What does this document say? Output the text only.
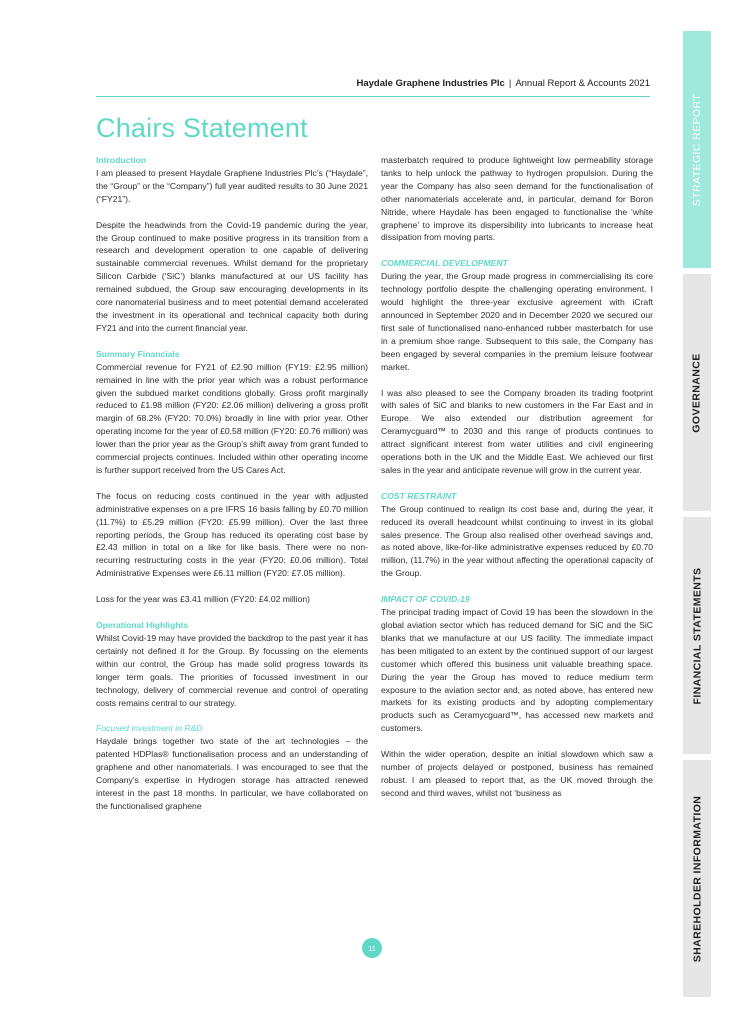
Haydale Graphene Industries Plc | Annual Report & Accounts 2021
Chairs Statement
Introduction

I am pleased to present Haydale Graphene Industries Plc’s (“Haydale”, the “Group” or the “Company”) full year audited results to 30 June 2021 (“FY21”).

Despite the headwinds from the Covid-19 pandemic during the year, the Group continued to make positive progress in its transition from a research and development operation to one capable of delivering sustainable commercial revenues. Whilst demand for the proprietary Silicon Carbide (‘SiC’) blanks manufactured at our US facility has remained subdued, the Group saw encouraging developments in its core nanomaterial business and to meet potential demand accelerated the investment in its operational and technical capacity both during FY21 and into the current financial year.

Summary Financials

Commercial revenue for FY21 of £2.90 million (FY19: £2.95 million) remained in line with the prior year which was a robust performance given the subdued market conditions globally. Gross profit marginally reduced to £1.98 million (FY20: £2.06 million) delivering a gross profit margin of 68.2% (FY20: 70.0%) broadly in line with prior year. Other operating income for the year of £0.58 million (FY20: £0.76 million) was lower than the prior year as the Group’s shift away from grant funded to commercial projects continues. Included within other operating income is further support received from the US Cares Act.

The focus on reducing costs continued in the year with adjusted administrative expenses on a pre IFRS 16 basis falling by £0.70 million (11.7%) to £5.29 million (FY20: £5.99 million). Over the last three reporting periods, the Group has reduced its operating cost base by £2.43 million in total on a like for like basis. There were no non-recurring restructuring costs in the year (FY20: £0.06 million). Total Administrative Expenses were £6.11 million (FY20: £7.05 million).

Loss for the year was £3.41 million (FY20: £4.02 million)

Operational Highlights

Whilst Covid-19 may have provided the backdrop to the past year it has certainly not defined it for the Group. By focussing on the elements within our control, the Group has made solid progress towards its longer term goals. The priorities of focussed investment in our technology, delivery of commercial revenue and control of operating costs remains central to our strategy.

Focused investment in R&D

Haydale brings together two state of the art technologies – the patented HDPlas® functionalisation process and an understanding of graphene and other nanomaterials. I was encouraged to see that the Company’s expertise in Hydrogen storage has attracted renewed interest in the past 18 months. In particular, we have collaborated on the functionalised graphene

masterbatch required to produce lightweight low permeability storage tanks to help unlock the pathway to hydrogen propulsion. During the year the Company has also seen demand for the functionalisation of other nanomaterials accelerate and, in particular, demand for Boron Nitride, where Haydale has been engaged to functionalise the ‘white graphene’ to improve its dispersibility into lubricants to increase heat dissipation from moving parts.

COMMERCIAL DEVELOPMENT

During the year, the Group made progress in commercialising its core technology portfolio despite the challenging operating environment. I would highlight the three-year exclusive agreement with iCraft announced in September 2020 and in December 2020 we secured our first sale of functionalised nano-enhanced rubber masterbatch for use in a premium shoe range. Subsequent to this sale, the Company has been engaged by several companies in the premium leisure footwear market.

I was also pleased to see the Company broaden its trading footprint with sales of SiC and blanks to new customers in the Far East and in Europe. We also extended our distribution agreement for Ceramycguard™ to 2030 and this range of products continues to attract significant interest from water utilities and civil engineering operations both in the UK and the Middle East. We achieved our first sales in the year and anticipate revenue will grow in the current year.

COST RESTRAINT

The Group continued to realign its cost base and, during the year, it reduced its overall headcount whilst continuing to invest in its global sales presence. The Group also realised other overhead savings and, as noted above, like-for-like administrative expenses reduced by £0.70 million, (11.7%) in the year without affecting the operational capacity of the Group.

IMPACT OF COVID-19

The principal trading impact of Covid 19 has been the slowdown in the global aviation sector which has reduced demand for SiC and the SiC blanks that we manufacture at our US facility. The immediate impact has been mitigated to an extent by the continued support of our largest customer which offered this business unit valuable breathing space. During the year the Group has moved to reduce medium term exposure to the aviation sector and, as noted above, has entered new markets for its existing products and by adopting complementary products such as Ceramycguard™, has accessed new markets and customers.

Within the wider operation, despite an initial slowdown which saw a number of projects delayed or postponed, business has remained robust. I am pleased to report that, as the UK moved through the second and third waves, whilst not ‘business as

STRATEGIC REPORT
GOVERNANCE
FINANCIAL STATEMENTS
SHAREHOLDER INFORMATION
11
